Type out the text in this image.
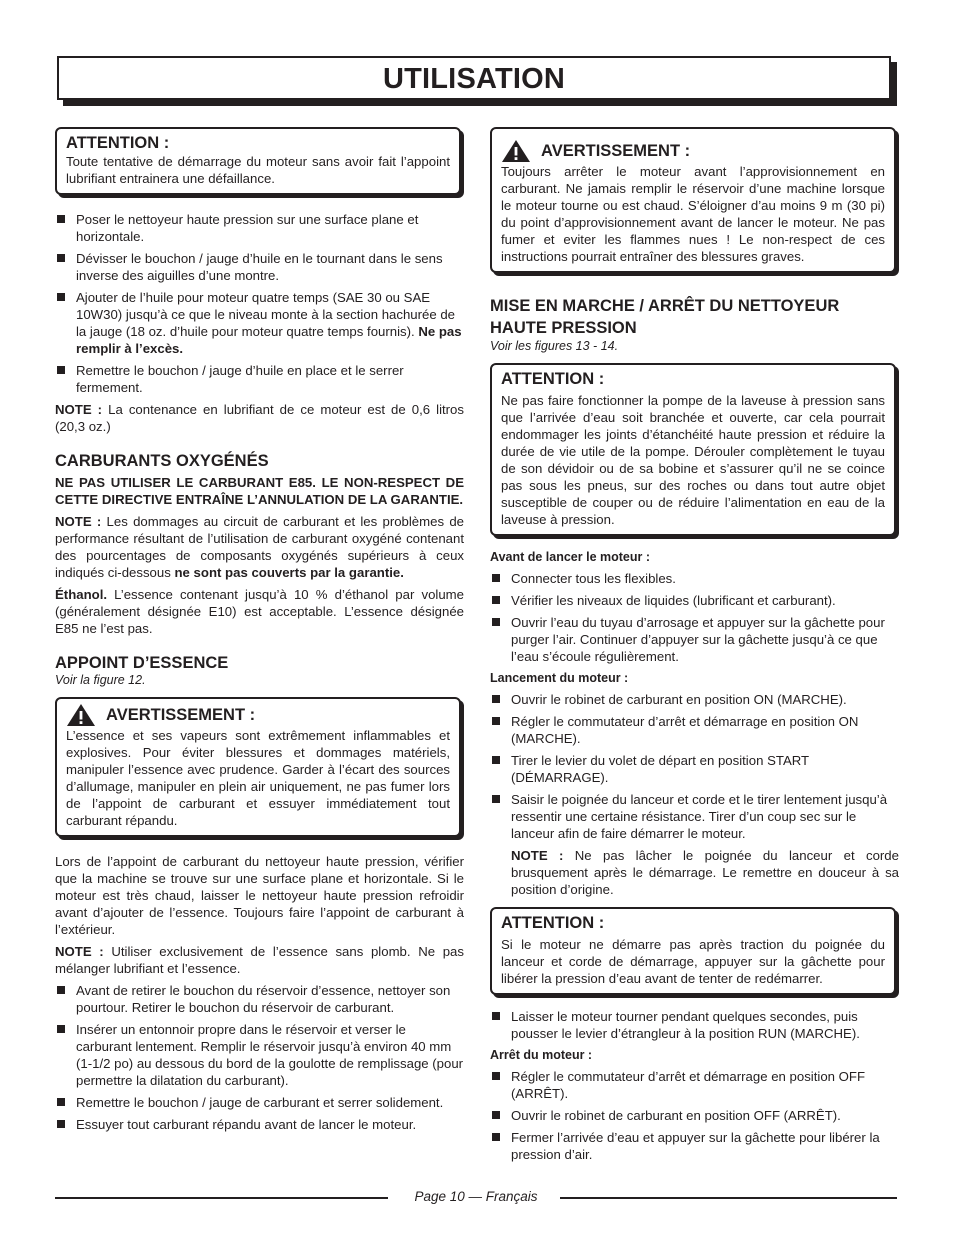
UTILISATION
ATTENTION :

Toute tentative de démarrage du moteur sans avoir fait l’appoint lubrifiant entrainera une défaillance.

Poser le nettoyeur haute pression sur une surface plane et horizontale.
Dévisser le bouchon / jauge d’huile en le tournant dans le sens inverse des aiguilles d’une montre.
Ajouter de l’huile pour moteur quatre temps (SAE 30 ou SAE 10W30) jusqu’à ce que le niveau monte à la section hachurée de la jauge (18 oz. d’huile pour moteur quatre temps fournis). Ne pas remplir à l’excès.
Remettre le bouchon / jauge d’huile en place et le serrer fermement.

NOTE : La contenance en lubrifiant de ce moteur est de 0,6 litros (20,3 oz.)

CARBURANTS OXYGÉNÉS

NE PAS UTILISER LE CARBURANT E85. LE NON-RESPECT DE CETTE DIRECTIVE ENTRAÎNE L’ANNULATION DE LA GARANTIE.

NOTE : Les dommages au circuit de carburant et les problèmes de performance résultant de l’utilisation de carburant oxygéné contenant des pourcentages de composants oxygénés supérieurs à ceux indiqués ci-dessous ne sont pas couverts par la garantie.

Éthanol. L’essence contenant jusqu’à 10 % d’éthanol par volume (généralement désignée E10) est acceptable. L’essence désignée E85 ne l’est pas.

APPOINT D’ESSENCE

Voir la figure 12.

AVERTISSEMENT :

L’essence et ses vapeurs sont extrêmement inflammables et explosives. Pour éviter blessures et dommages matériels, manipuler l’essence avec prudence. Garder à l’écart des sources d’allumage, manipuler en plein air uniquement, ne pas fumer lors de l’appoint de carburant et essuyer immédiatement tout carburant répandu.

Lors de l’appoint de carburant du nettoyeur haute pression, vérifier que la machine se trouve sur une surface plane et horizontale. Si le moteur est très chaud, laisser le nettoyeur haute pression refroidir avant d’ajouter de l’essence. Toujours faire l’appoint de carburant à l’extérieur.

NOTE : Utiliser exclusivement de l’essence sans plomb. Ne pas mélanger lubrifiant et l’essence.

Avant de retirer le bouchon du réservoir d’essence, nettoyer son pourtour. Retirer le bouchon du réservoir de carburant.
Insérer un entonnoir propre dans le réservoir et verser le carburant lentement. Remplir le réservoir jusqu’à environ 40 mm (1-1/2 po) au dessous du bord de la goulotte de remplissage (pour permettre la dilatation du carburant).
Remettre le bouchon / jauge de carburant et serrer solidement.
Essuyer tout carburant répandu avant de lancer le moteur.
AVERTISSEMENT :

Toujours arrêter le moteur avant l’approvisionnement en carburant. Ne jamais remplir le réservoir d’une machine lorsque le moteur tourne ou est chaud. S’éloigner d’au moins 9 m (30 pi) du point d’approvisionnement avant de lancer le moteur. Ne pas fumer et eviter les flammes nues ! Le non-respect de ces instructions pourrait entraîner des blessures graves.

MISE EN MARCHE / ARRÊT DU NETTOYEUR HAUTE PRESSION

Voir les figures 13 - 14.

ATTENTION :

Ne pas faire fonctionner la pompe de la laveuse à pression sans que l’arrivée d’eau soit branchée et ouverte, car cela pourrait endommager les joints d’étanchéité haute pression et réduire la durée de vie utile de la pompe. Dérouler complètement le tuyau de son dévidoir ou de sa bobine et s’assurer qu’il ne se coince pas sous les pneus, sur des roches ou dans tout autre objet susceptible de couper ou de réduire l’alimentation en eau de la laveuse à pression.

Avant de lancer le moteur :

Connecter tous les flexibles.
Vérifier les niveaux de liquides (lubrificant et carburant).
Ouvrir l’eau du tuyau d’arrosage et appuyer sur la gâchette pour purger l’air. Continuer d’appuyer sur la gâchette jusqu’à ce que l’eau s’écoule régulièrement.

Lancement du moteur :

Ouvrir le robinet de carburant en position ON (MARCHE).
Régler le commutateur d’arrêt et démarrage en position ON (MARCHE).
Tirer le levier du volet de départ en position START (DÉMARRAGE).
Saisir le poignée du lanceur et corde et le tirer lentement jusqu’à ressentir une certaine résistance. Tirer d’un coup sec sur le lanceur afin de faire démarrer le moteur.

NOTE : Ne pas lâcher le poignée du lanceur et corde brusquement après le démarrage. Le remettre en douceur à sa position d’origine.

ATTENTION :

Si le moteur ne démarre pas après traction du poignée du lanceur et corde de démarrage, appuyer sur la gâchette pour libérer la pression d’eau avant de tenter de redémarrer.

Laisser le moteur tourner pendant quelques secondes, puis pousser le levier d’étrangleur à la position RUN (MARCHE).

Arrêt du moteur :

Régler le commutateur d’arrêt et démarrage en position OFF (ARRÊT).
Ouvrir le robinet de carburant en position OFF (ARRÊT).
Fermer l’arrivée d’eau et appuyer sur la gâchette pour libérer la pression d’air.
Page 10 — Français
